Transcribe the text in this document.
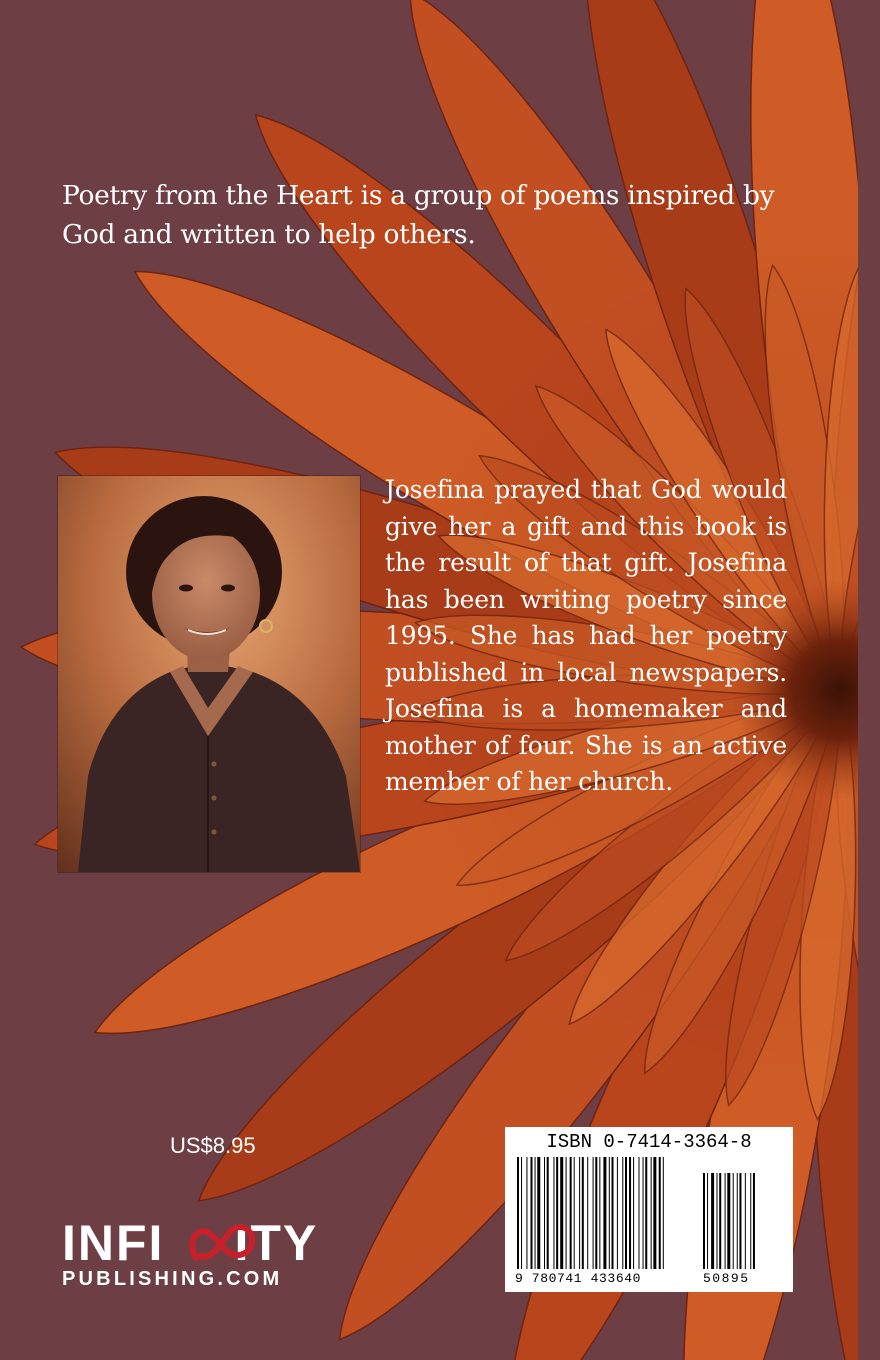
Poetry from the Heart is a group of poems inspired by God and written to help others.

Josefina prayed that God would give her a gift and this book is the result of that gift. Josefina has been writing poetry since 1995. She has had her poetry published in local newspapers. Josefina is a homemaker and mother of four. She is an active member of her church.

US$8.95	ISBN 0-7414-3364-8
9 780741 433640	50895
INFI ITY
PUBLISHING.COM
